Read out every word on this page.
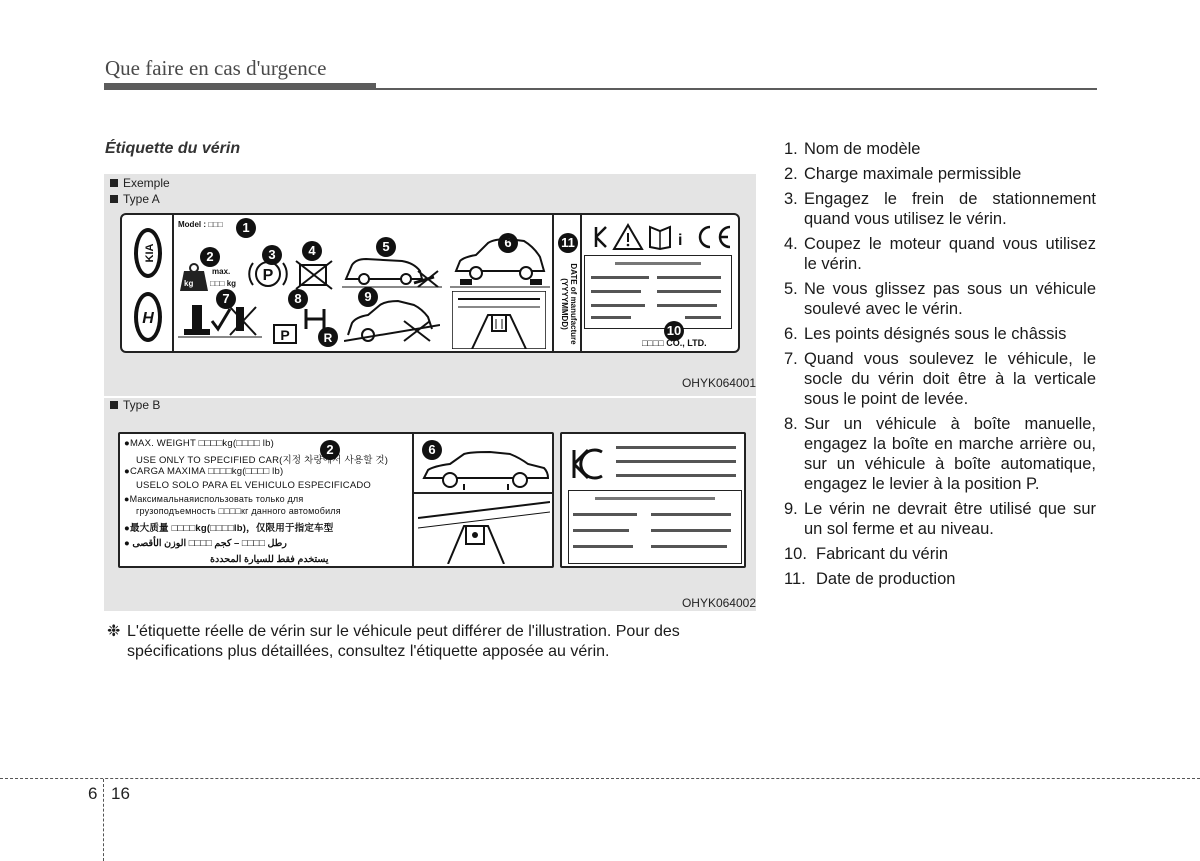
Que faire en cas d'urgence
Étiquette du vérin
Exemple
Type A
KIA
H
Model : □□□	1
2
kg
max.
□□□ kg
3
P
4	5	6
7	8
P	R
9
11
DATE of manufacture (YYYYMMDD)
i
10
□□□□ CO., LTD.
OHYK064001
Type B
2
●MAX. WEIGHT □□□□kg(□□□□ lb)
USE ONLY TO SPECIFIED CAR(지정 차량에서 사용할 것)
●CARGA MAXIMA □□□□kg(□□□□ lb)
USELO SOLO PARA EL VEHICULO ESPECIFICADO
●Максимальнаяиспользовать только для
грузоподъемность □□□□кг данного автомобиля
●最大质量 □□□□kg(□□□□lb)，仅限用于指定车型
● رطل □□□□ – كجم □□□□ الوزن الأقصى
يستخدم فقط للسيارة المحددة
6
OHYK064002
❉ L'étiquette réelle de vérin sur le véhicule peut différer de l'illustration. Pour des spécifications plus détaillées, consultez l'étiquette apposée au vérin.
1. Nom de modèle
2. Charge maximale permissible
3. Engagez le frein de stationnement quand vous utilisez le vérin.
4. Coupez le moteur quand vous utilisez le vérin.
5. Ne vous glissez pas sous un véhicule soulevé avec le vérin.
6. Les points désignés sous le châssis
7. Quand vous soulevez le véhicule, le socle du vérin doit être à la verticale sous le point de levée.
8. Sur un véhicule à boîte manuelle, engagez la boîte en marche arrière ou, sur un véhicule à boîte automatique, engagez le levier à la position P.
9. Le vérin ne devrait être utilisé que sur un sol ferme et au niveau.
10. Fabricant du vérin
11. Date de production
6 16
